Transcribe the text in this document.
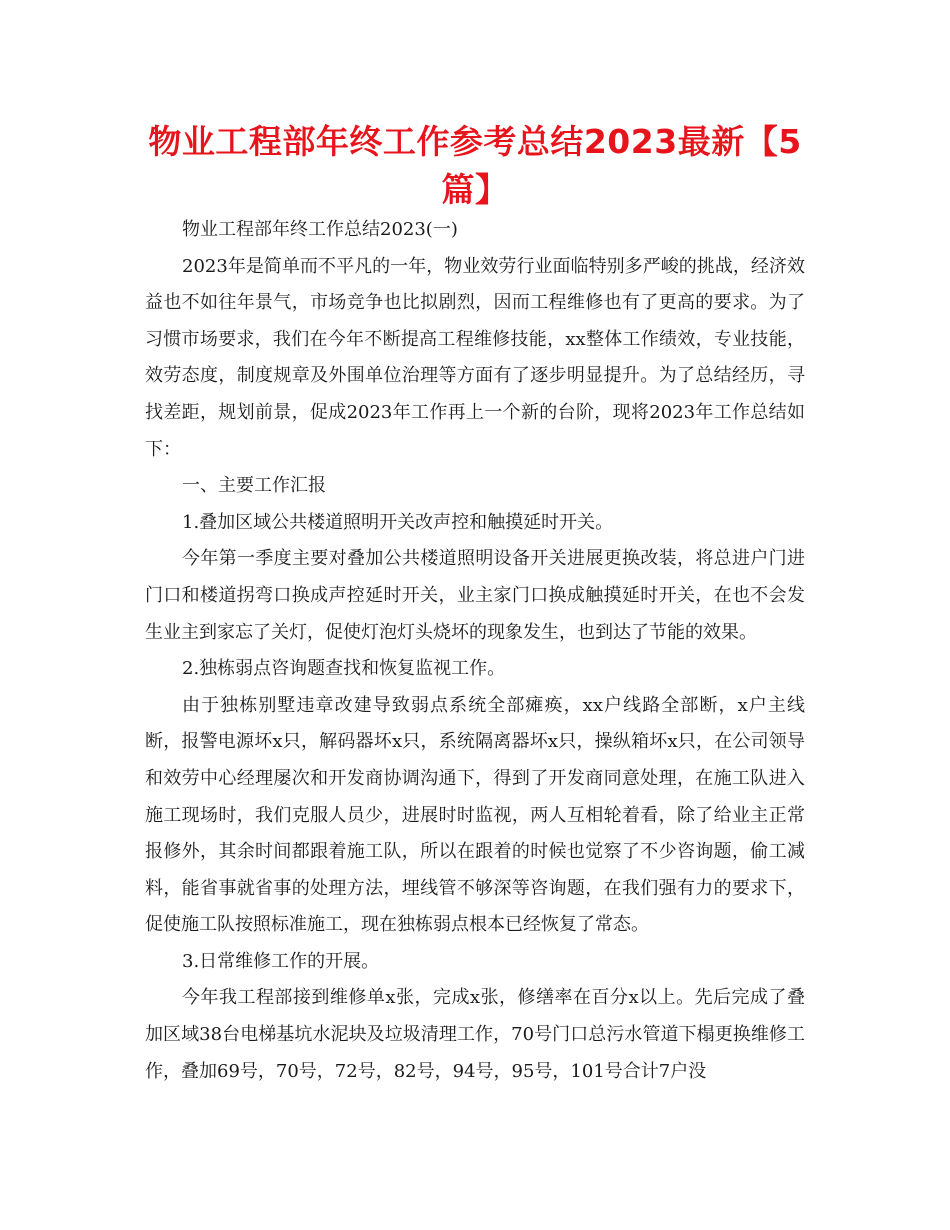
物业工程部年终工作参考总结2023最新【5篇】

物业工程部年终工作总结2023(一)

2023年是简单而不平凡的一年，物业效劳行业面临特别多严峻的挑战，经济效益也不如往年景气，市场竞争也比拟剧烈，因而工程维修也有了更高的要求。为了习惯市场要求，我们在今年不断提高工程维修技能，xx整体工作绩效，专业技能，效劳态度，制度规章及外围单位治理等方面有了逐步明显提升。为了总结经历，寻找差距，规划前景，促成2023年工作再上一个新的台阶，现将2023年工作总结如下：

一、主要工作汇报

1.叠加区域公共楼道照明开关改声控和触摸延时开关。

今年第一季度主要对叠加公共楼道照明设备开关进展更换改装，将总进户门进门口和楼道拐弯口换成声控延时开关，业主家门口换成触摸延时开关，在也不会发生业主到家忘了关灯，促使灯泡灯头烧坏的现象发生，也到达了节能的效果。

2.独栋弱点咨询题查找和恢复监视工作。

由于独栋别墅违章改建导致弱点系统全部瘫痪，xx户线路全部断，x户主线断，报警电源坏x只，解码器坏x只，系统隔离器坏x只，操纵箱坏x只，在公司领导和效劳中心经理屡次和开发商协调沟通下，得到了开发商同意处理，在施工队进入施工现场时，我们克服人员少，进展时时监视，两人互相轮着看，除了给业主正常报修外，其余时间都跟着施工队，所以在跟着的时候也觉察了不少咨询题，偷工减料，能省事就省事的处理方法，埋线管不够深等咨询题，在我们强有力的要求下，促使施工队按照标准施工，现在独栋弱点根本已经恢复了常态。

3.日常维修工作的开展。

今年我工程部接到维修单x张，完成x张，修缮率在百分x以上。先后完成了叠加区域38台电梯基坑水泥块及垃圾清理工作，70号门口总污水管道下榻更换维修工作，叠加69号，70号，72号，82号，94号，95号，101号合计7户没
